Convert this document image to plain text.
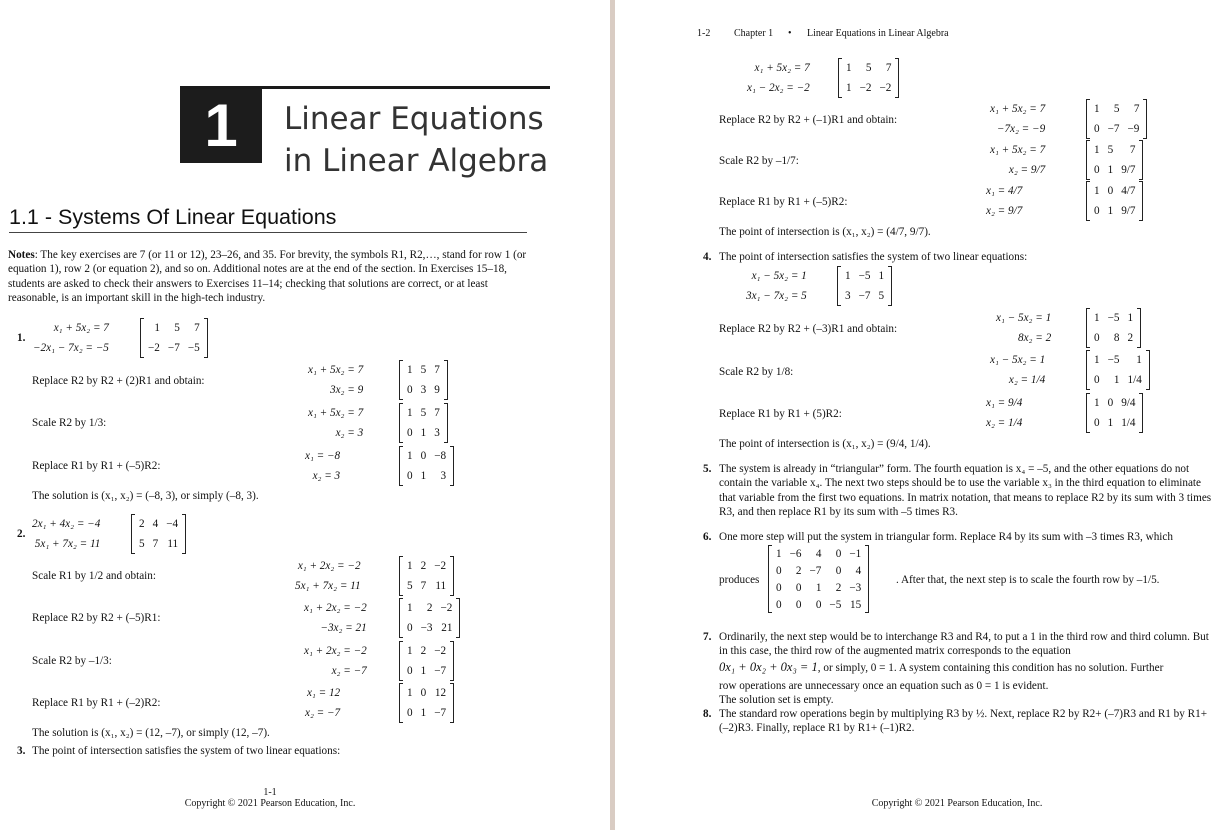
1	Linear Equations
in Linear Algebra
1.1 - Systems Of Linear Equations
Notes: The key exercises are 7 (or 11 or 12), 23–26, and 35. For brevity, the symbols R1, R2,…, stand for row 1 (or equation 1), row 2 (or equation 2), and so on. Additional notes are at the end of the section. In Exercises 15–18, students are asked to check their answers to Exercises 11–14; checking that solutions are correct, or at least reasonable, is an important skill in the high-tech industry.
1.
x₁ + 5x₂ = 7
−2x₁ − 7x₂ = −5
1	5	7
−2	−7	−5
Replace R2 by R2 + (2)R1 and obtain:
x₁ + 5x₂ = 7
3x₂ = 9
1	5	7
0	3	9
Scale R2 by 1/3:
x₁ + 5x₂ = 7
x₂ = 3
1	5	7
0	1	3
Replace R1 by R1 + (–5)R2:
x₁ = −8
x₂ = 3
1	0	−8
0	1	3
The solution is (x₁, x₂) = (–8, 3), or simply (–8, 3).
2.
2x₁ + 4x₂ = −4
5x₁ + 7x₂ = 11
2	4	−4
5	7	11
Scale R1 by 1/2 and obtain:
x₁ + 2x₂ = −2
5x₁ + 7x₂ = 11
1	2	−2
5	7	11
Replace R2 by R2 + (–5)R1:
x₁ + 2x₂ = −2
−3x₂ = 21
1	2	−2
0	−3	21
Scale R2 by –1/3:
x₁ + 2x₂ = −2
x₂ = −7
1	2	−2
0	1	−7
Replace R1 by R1 + (–2)R2:
x₁ = 12
x₂ = −7
1	0	12
0	1	−7
The solution is (x₁, x₂) = (12, –7), or simply (12, –7).
3. The point of intersection satisfies the system of two linear equations:
1-1
Copyright © 2021 Pearson Education, Inc.
1-2 Chapter 1 • Linear Equations in Linear Algebra
x₁ + 5x₂ = 7
x₁ − 2x₂ = −2
1	5	7
1	−2	−2
Replace R2 by R2 + (–1)R1 and obtain:
x₁ + 5x₂ = 7
−7x₂ = −9
1	5	7
0	−7	−9
Scale R2 by –1/7:
x₁ + 5x₂ = 7
x₂ = 9/7
1	5	7
0	1	9/7
Replace R1 by R1 + (–5)R2:
x₁ = 4/7
x₂ = 9/7
1	0	4/7
0	1	9/7
The point of intersection is (x₁, x₂) = (4/7, 9/7).
4. The point of intersection satisfies the system of two linear equations:
x₁ − 5x₂ = 1
3x₁ − 7x₂ = 5
1	−5	1
3	−7	5
Replace R2 by R2 + (–3)R1 and obtain:
x₁ − 5x₂ = 1
8x₂ = 2
1	−5	1
0	8	2
Scale R2 by 1/8:
x₁ − 5x₂ = 1
x₂ = 1/4
1	−5	1
0	1	1/4
Replace R1 by R1 + (5)R2:
x₁ = 9/4
x₂ = 1/4
1	0	9/4
0	1	1/4
The point of intersection is (x₁, x₂) = (9/4, 1/4).
5. The system is already in “triangular” form. The fourth equation is x₄ = –5, and the other equations do not contain the variable x₄. The next two steps should be to use the variable x₃ in the third equation to eliminate that variable from the first two equations. In matrix notation, that means to replace R2 by its sum with 3 times R3, and then replace R1 by its sum with –5 times R3.
6. One more step will put the system in triangular form. Replace R4 by its sum with –3 times R3, which
produces
1	−6	4	0	−1
0	2	−7	0	4
0	0	1	2	−3
0	0	0	−5	15
. After that, the next step is to scale the fourth row by –1/5.
7. Ordinarily, the next step would be to interchange R3 and R4, to put a 1 in the third row and third column. But in this case, the third row of the augmented matrix corresponds to the equation
0x₁ + 0x₂ + 0x₃ = 1, or simply, 0 = 1. A system containing this condition has no solution. Further
row operations are unnecessary once an equation such as 0 = 1 is evident.
The solution set is empty.
8. The standard row operations begin by multiplying R3 by ½. Next, replace R2 by R2+ (–7)R3 and R1 by R1+ (–2)R3. Finally, replace R1 by R1+ (–1)R2.
Copyright © 2021 Pearson Education, Inc.
